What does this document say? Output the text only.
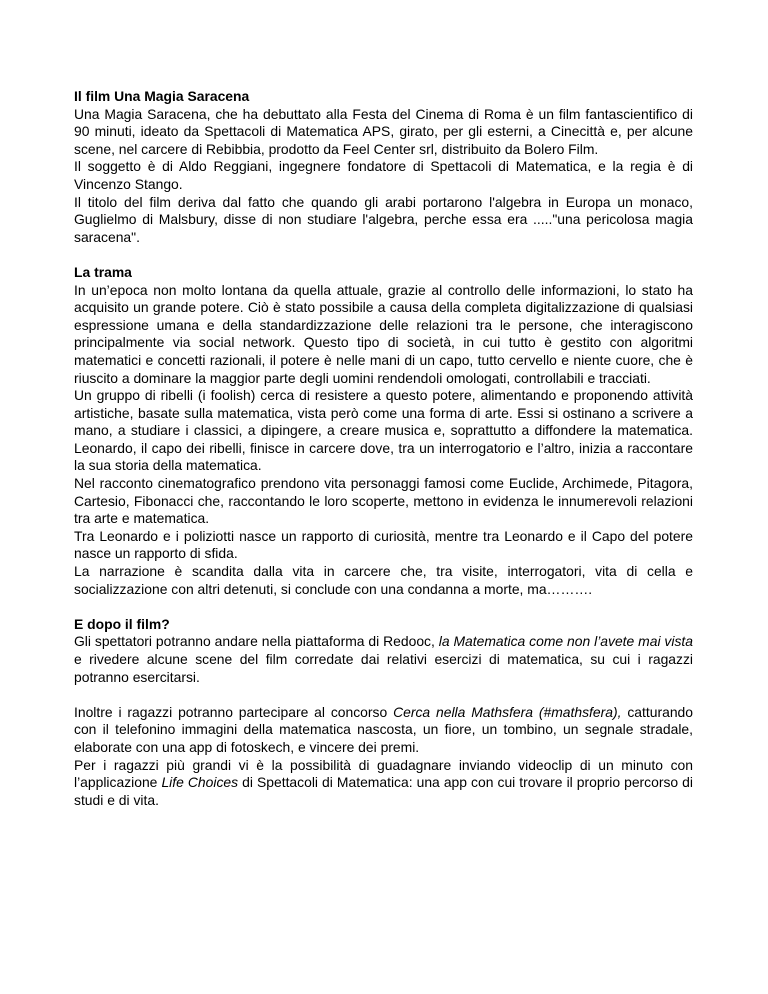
Il film Una Magia Saracena
Una Magia Saracena, che ha debuttato alla Festa del Cinema di Roma è un film fantascientifico di 90 minuti, ideato da Spettacoli di Matematica APS, girato, per gli esterni, a Cinecittà e, per alcune scene, nel carcere di Rebibbia, prodotto da Feel Center srl, distribuito da Bolero Film.
Il soggetto è di Aldo Reggiani, ingegnere fondatore di Spettacoli di Matematica, e la regia è di Vincenzo Stango.
Il titolo del film deriva dal fatto che quando gli arabi portarono l'algebra in Europa un monaco, Guglielmo di Malsbury, disse di non studiare l'algebra, perche essa era ....."una pericolosa magia saracena".
La trama
In un’epoca non molto lontana da quella attuale, grazie al controllo delle informazioni, lo stato ha acquisito un grande potere. Ciò è stato possibile a causa della completa digitalizzazione di qualsiasi espressione umana e della standardizzazione delle relazioni tra le persone, che interagiscono principalmente via social network. Questo tipo di società, in cui tutto è gestito con algoritmi matematici e concetti razionali, il potere è nelle mani di un capo, tutto cervello e niente cuore, che è riuscito a dominare la maggior parte degli uomini rendendoli omologati, controllabili e tracciati.
Un gruppo di ribelli (i foolish) cerca di resistere a questo potere, alimentando e proponendo attività artistiche, basate sulla matematica, vista però come una forma di arte. Essi si ostinano a scrivere a mano, a studiare i classici, a dipingere, a creare musica e, soprattutto a diffondere la matematica. Leonardo, il capo dei ribelli, finisce in carcere dove, tra un interrogatorio e l’altro, inizia a raccontare la sua storia della matematica.
Nel racconto cinematografico prendono vita personaggi famosi come Euclide, Archimede, Pitagora, Cartesio, Fibonacci che, raccontando le loro scoperte, mettono in evidenza le innumerevoli relazioni tra arte e matematica.
Tra Leonardo e i poliziotti nasce un rapporto di curiosità, mentre tra Leonardo e il Capo del potere nasce un rapporto di sfida.
La narrazione è scandita dalla vita in carcere che, tra visite, interrogatori, vita di cella e socializzazione con altri detenuti, si conclude con una condanna a morte, ma……….
E dopo il film?
Gli spettatori potranno andare nella piattaforma di Redooc, la Matematica come non l’avete mai vista e rivedere alcune scene del film corredate dai relativi esercizi di matematica, su cui i ragazzi potranno esercitarsi.
Inoltre i ragazzi potranno partecipare al concorso Cerca nella Mathsfera (#mathsfera), catturando con il telefonino immagini della matematica nascosta, un fiore, un tombino, un segnale stradale, elaborate con una app di fotoskech, e vincere dei premi.
Per i ragazzi più grandi vi è la possibilità di guadagnare inviando videoclip di un minuto con l’applicazione Life Choices di Spettacoli di Matematica: una app con cui trovare il proprio percorso di studi e di vita.
